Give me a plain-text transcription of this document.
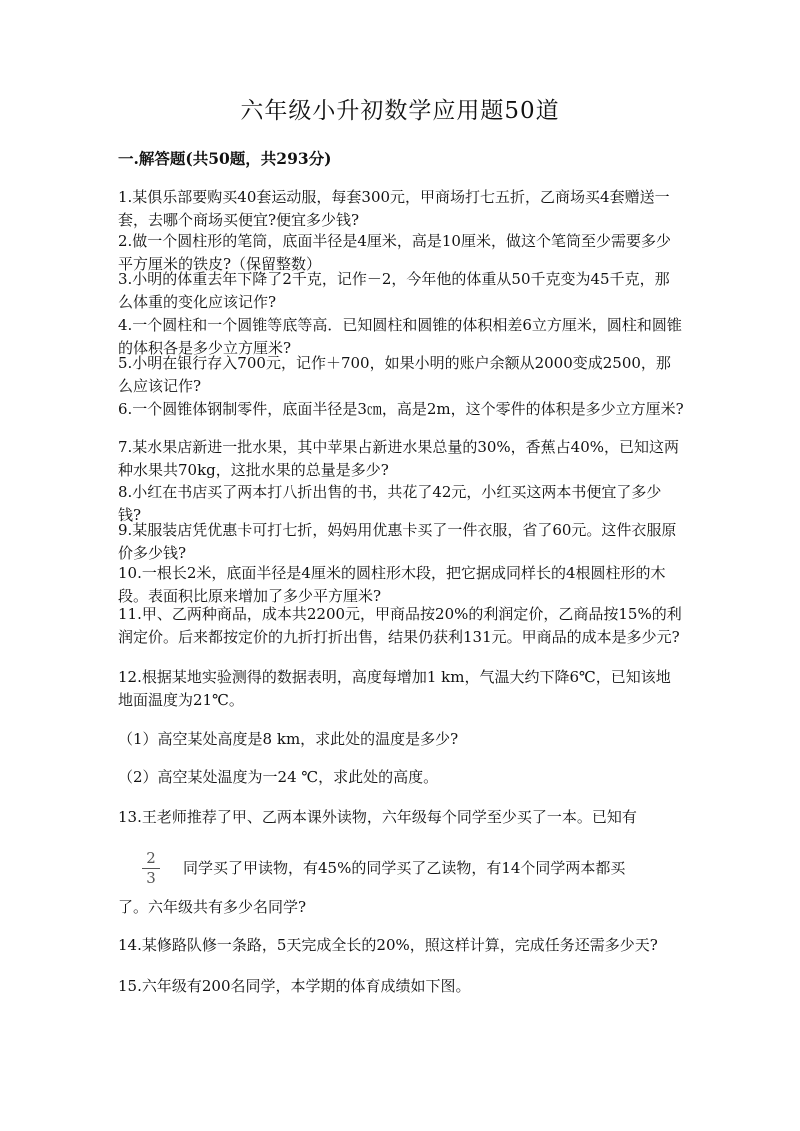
六年级小升初数学应用题50道
一.解答题(共50题，共293分)
1.某俱乐部要购买40套运动服，每套300元，甲商场打七五折，乙商场买4套赠送一套，去哪个商场买便宜?便宜多少钱?
2.做一个圆柱形的笔筒，底面半径是4厘米，高是10厘米，做这个笔筒至少需要多少平方厘米的铁皮?（保留整数）
3.小明的体重去年下降了2千克，记作－2，今年他的体重从50千克变为45千克，那么体重的变化应该记作?
4.一个圆柱和一个圆锥等底等高．已知圆柱和圆锥的体积相差6立方厘米，圆柱和圆锥的体积各是多少立方厘米?
5.小明在银行存入700元，记作＋700，如果小明的账户余额从2000变成2500，那么应该记作?
6.一个圆锥体钢制零件，底面半径是3㎝，高是2m，这个零件的体积是多少立方厘米?
7.某水果店新进一批水果，其中苹果占新进水果总量的30%，香蕉占40%，已知这两种水果共70kg，这批水果的总量是多少?
8.小红在书店买了两本打八折出售的书，共花了42元，小红买这两本书便宜了多少钱?
9.某服装店凭优惠卡可打七折，妈妈用优惠卡买了一件衣服，省了60元。这件衣服原价多少钱?
10.一根长2米，底面半径是4厘米的圆柱形木段，把它据成同样长的4根圆柱形的木段。表面积比原来增加了多少平方厘米?
11.甲、乙两种商品，成本共2200元，甲商品按20%的利润定价，乙商品按15%的利润定价。后来都按定价的九折打折出售，结果仍获利131元。甲商品的成本是多少元?
12.根据某地实验测得的数据表明，高度每增加1 km，气温大约下降6℃，已知该地地面温度为21℃。
（1）高空某处高度是8 km，求此处的温度是多少?
（2）高空某处温度为一24 ℃，求此处的高度。
13.王老师推荐了甲、乙两本课外读物，六年级每个同学至少买了一本。已知有
2
3
同学买了甲读物，有45%的同学买了乙读物，有14个同学两本都买
了。六年级共有多少名同学?
14.某修路队修一条路，5天完成全长的20%，照这样计算，完成任务还需多少天?
15.六年级有200名同学，本学期的体育成绩如下图。
